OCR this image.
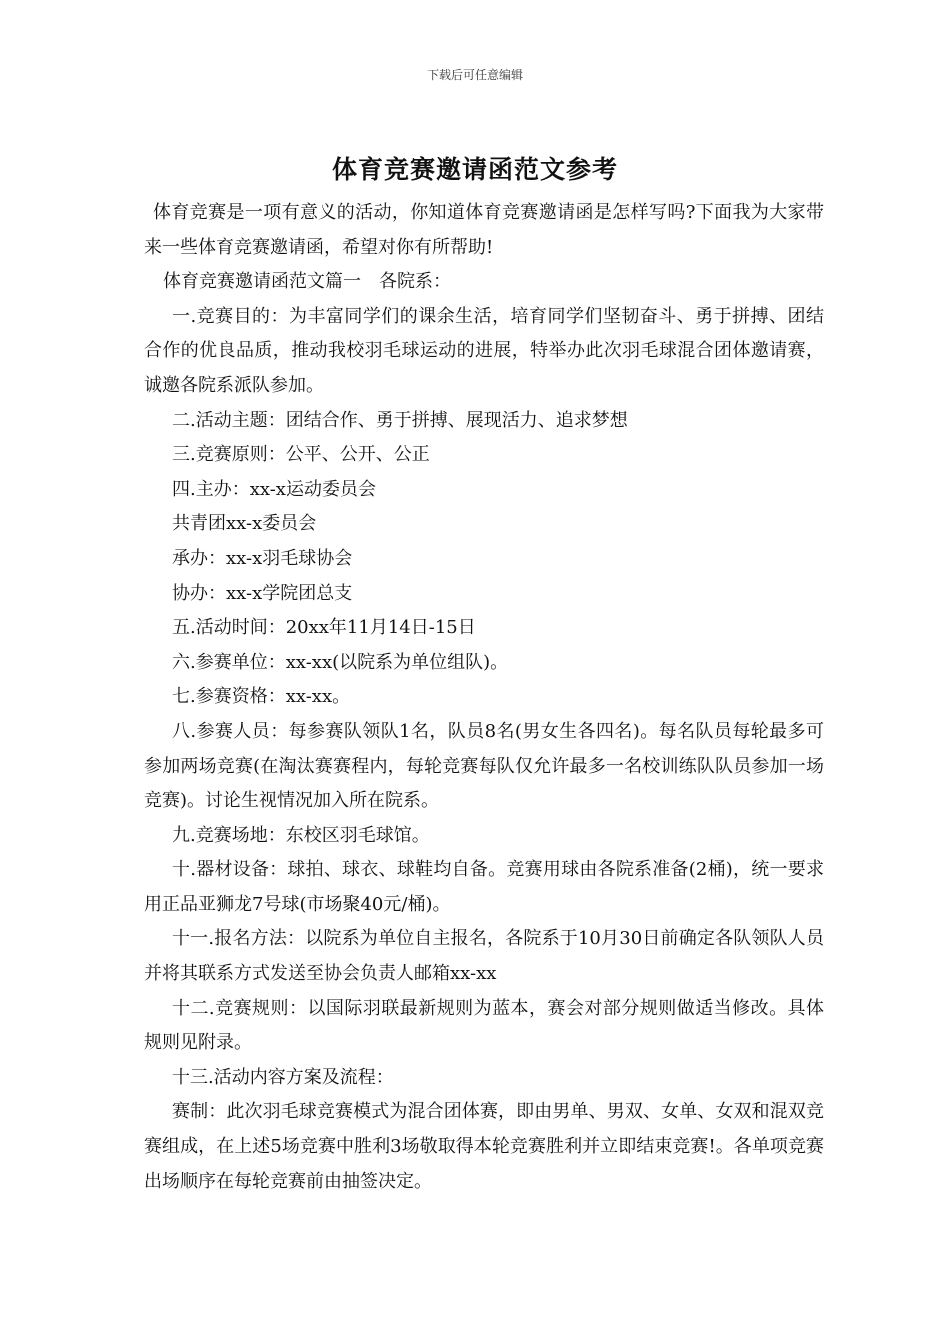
下载后可任意编辑
体育竞赛邀请函范文参考

体育竞赛是一项有意义的活动，你知道体育竞赛邀请函是怎样写吗?下面我为大家带来一些体育竞赛邀请函，希望对你有所帮助!

体育竞赛邀请函范文篇一　各院系：

一.竞赛目的：为丰富同学们的课余生活，培育同学们坚韧奋斗、勇于拼搏、团结合作的优良品质，推动我校羽毛球运动的进展，特举办此次羽毛球混合团体邀请赛，诚邀各院系派队参加。

二.活动主题：团结合作、勇于拼搏、展现活力、追求梦想

三.竞赛原则：公平、公开、公正

四.主办：xx-x运动委员会

共青团xx-x委员会

承办：xx-x羽毛球协会

协办：xx-x学院团总支

五.活动时间：20xx年11月14日-15日

六.参赛单位：xx-xx(以院系为单位组队)。

七.参赛资格：xx-xx。

八.参赛人员：每参赛队领队1名，队员8名(男女生各四名)。每名队员每轮最多可参加两场竞赛(在淘汰赛赛程内，每轮竞赛每队仅允许最多一名校训练队队员参加一场竞赛)。讨论生视情况加入所在院系。

九.竞赛场地：东校区羽毛球馆。

十.器材设备：球拍、球衣、球鞋均自备。竞赛用球由各院系准备(2桶)，统一要求用正品亚狮龙7号球(市场聚40元/桶)。

十一.报名方法：以院系为单位自主报名，各院系于10月30日前确定各队领队人员并将其联系方式发送至协会负责人邮箱xx-xx

十二.竞赛规则：以国际羽联最新规则为蓝本，赛会对部分规则做适当修改。具体规则见附录。

十三.活动内容方案及流程：

赛制：此次羽毛球竞赛模式为混合团体赛，即由男单、男双、女单、女双和混双竞赛组成，在上述5场竞赛中胜利3场敬取得本轮竞赛胜利并立即结束竞赛!。各单项竞赛出场顺序在每轮竞赛前由抽签决定。
